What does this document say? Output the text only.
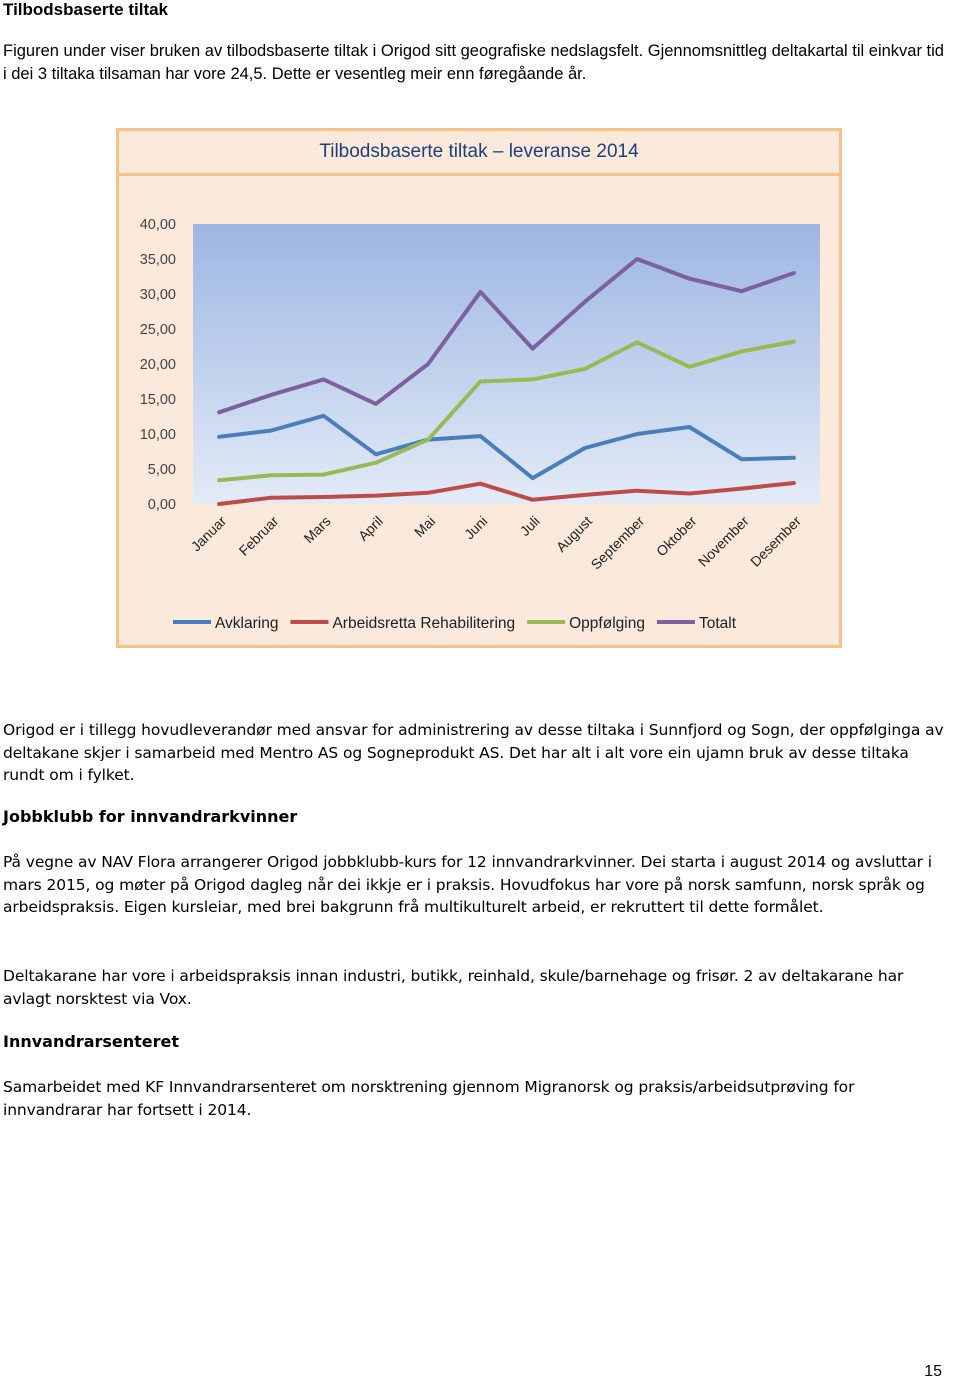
Tilbodsbaserte tiltak

Figuren under viser bruken av tilbodsbaserte tiltak i Origod sitt geografiske nedslagsfelt. Gjennomsnittleg deltakartal til einkvar tid i dei 3 tiltaka tilsaman har vore 24,5. Dette er vesentleg meir enn føregåande år.

Tilbodsbaserte tiltak – leveranse 2014
40,00
35,00
30,00
25,00
20,00
15,00
10,00
5,00
0,00
Januar Februar Mars April Mai Juni Juli August
September Oktober
November
Desember
Avklaring	Arbeidsretta Rehabilitering	Oppfølging	Totalt

Origod er i tillegg hovudleverandør med ansvar for administrering av desse tiltaka i Sunnfjord og Sogn, der oppfølginga av deltakane skjer i samarbeid med Mentro AS og Sogneprodukt AS. Det har alt i alt vore ein ujamn bruk av desse tiltaka rundt om i fylket.

Jobbklubb for innvandrarkvinner

På vegne av NAV Flora arrangerer Origod jobbklubb-kurs for 12 innvandrarkvinner. Dei starta i august 2014 og avsluttar i mars 2015, og møter på Origod dagleg når dei ikkje er i praksis. Hovudfokus har vore på norsk samfunn, norsk språk og arbeidspraksis. Eigen kursleiar, med brei bakgrunn frå multikulturelt arbeid, er rekruttert til dette formålet.

Deltakarane har vore i arbeidspraksis innan industri, butikk, reinhald, skule/barnehage og frisør. 2 av deltakarane har avlagt norsktest via Vox.

Innvandrarsenteret

Samarbeidet med KF Innvandrarsenteret om norsktrening gjennom Migranorsk og praksis/arbeidsutprøving for innvandrarar har fortsett i 2014.

15
